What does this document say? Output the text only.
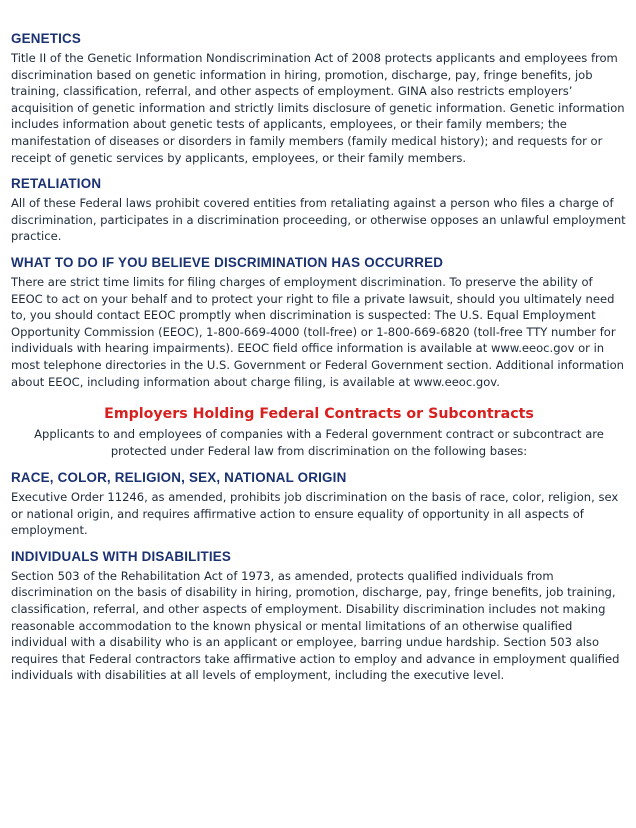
GENETICS

Title II of the Genetic Information Nondiscrimination Act of 2008 protects applicants and employees from discrimination based on genetic information in hiring, promotion, discharge, pay, fringe benefits, job training, classification, referral, and other aspects of employment. GINA also restricts employers’ acquisition of genetic information and strictly limits disclosure of genetic information. Genetic information includes information about genetic tests of applicants, employees, or their family members; the manifestation of diseases or disorders in family members (family medical history); and requests for or receipt of genetic services by applicants, employees, or their family members.

RETALIATION

All of these Federal laws prohibit covered entities from retaliating against a person who files a charge of discrimination, participates in a discrimination proceeding, or otherwise opposes an unlawful employment practice.

WHAT TO DO IF YOU BELIEVE DISCRIMINATION HAS OCCURRED

There are strict time limits for filing charges of employment discrimination. To preserve the ability of EEOC to act on your behalf and to protect your right to file a private lawsuit, should you ultimately need to, you should contact EEOC promptly when discrimination is suspected: The U.S. Equal Employment Opportunity Commission (EEOC), 1-800-669-4000 (toll-free) or 1-800-669-6820 (toll-free TTY number for individuals with hearing impairments). EEOC field office information is available at www.eeoc.gov or in most telephone directories in the U.S. Government or Federal Government section. Additional information about EEOC, including information about charge filing, is available at www.eeoc.gov.

Employers Holding Federal Contracts or Subcontracts

Applicants to and employees of companies with a Federal government contract or subcontract are protected under Federal law from discrimination on the following bases:

RACE, COLOR, RELIGION, SEX, NATIONAL ORIGIN

Executive Order 11246, as amended, prohibits job discrimination on the basis of race, color, religion, sex or national origin, and requires affirmative action to ensure equality of opportunity in all aspects of employment.

INDIVIDUALS WITH DISABILITIES

Section 503 of the Rehabilitation Act of 1973, as amended, protects qualified individuals from discrimination on the basis of disability in hiring, promotion, discharge, pay, fringe benefits, job training, classification, referral, and other aspects of employment. Disability discrimination includes not making reasonable accommodation to the known physical or mental limitations of an otherwise qualified individual with a disability who is an applicant or employee, barring undue hardship. Section 503 also requires that Federal contractors take affirmative action to employ and advance in employment qualified individuals with disabilities at all levels of employment, including the executive level.
